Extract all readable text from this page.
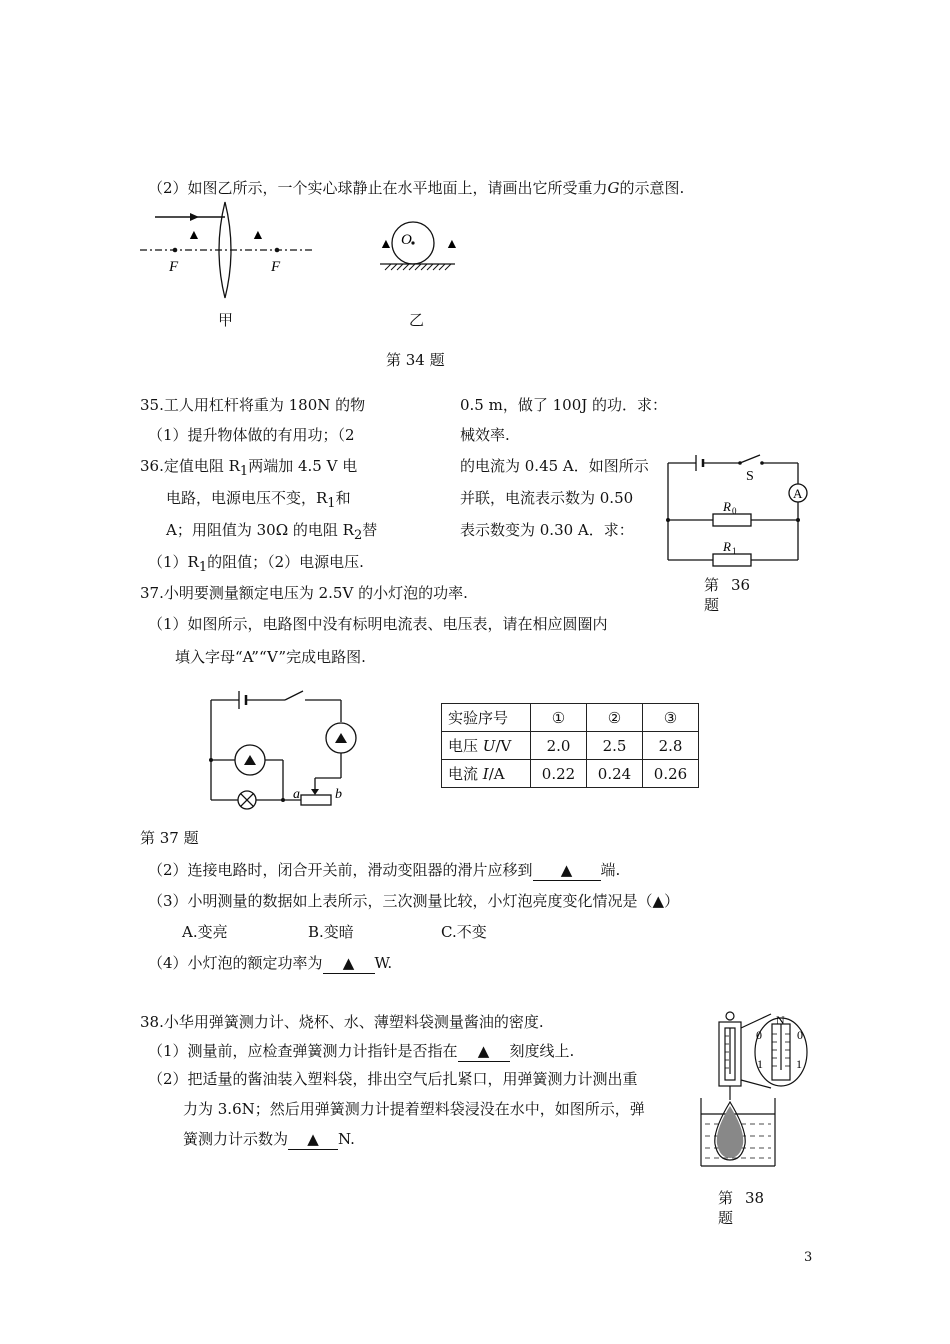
（2）如图乙所示，一个实心球静止在水平地面上，请画出它所受重力G的示意图.
F	F
▲	▲
甲
O
▲	▲
乙
第 34 题
35.工人用杠杆将重为 180N 的物	0.5 m，做了 100J 的功．求：
（1）提升物体做的有用功；（2	械效率.
36.定值电阻 $R_1$两端加 4.5 V 电	的电流为 0.45 A．如图所示
电路，电源电压不变，$R_1$和	并联，电流表示数为 0.50
A；用阻值为 30Ω 的电阻 $R_2$替	表示数变为 0.30 A．求：
$(1)R_1$的阻值；（2）电源电压.
S
A
R 0
R 1
第 36
题
37.小明要测量额定电压为 2.5V 的小灯泡的功率.
（1）如图所示，电路图中没有标明电流表、电压表，请在相应圆圈内
填入字母“A”“V”完成电路图.
a	b
实验序号	①	②	③
电压 U/V	2.0	2.5	2.8
电流 I/A	0.22	0.24	0.26
第 37 题
（2）连接电路时，闭合开关前，滑动变阻器的滑片应移到 ▲ 端.
（3）小明测量的数据如上表所示，三次测量比较，小灯泡亮度变化情况是（▲）
A.变亮	B.变暗	C.不变
（4）小灯泡的额定功率为 ▲ W.
38.小华用弹簧测力计、烧杯、水、薄塑料袋测量酱油的密度.
（1）测量前，应检查弹簧测力计指针是否指在 ▲ 刻度线上.
（2）把适量的酱油装入塑料袋，排出空气后扎紧口，用弹簧测力计测出重
力为 3.6N；然后用弹簧测力计提着塑料袋浸没在水中，如图所示，弹
簧测力计示数为 ▲ N.
N
0	0
1	1
第 38
题
3
